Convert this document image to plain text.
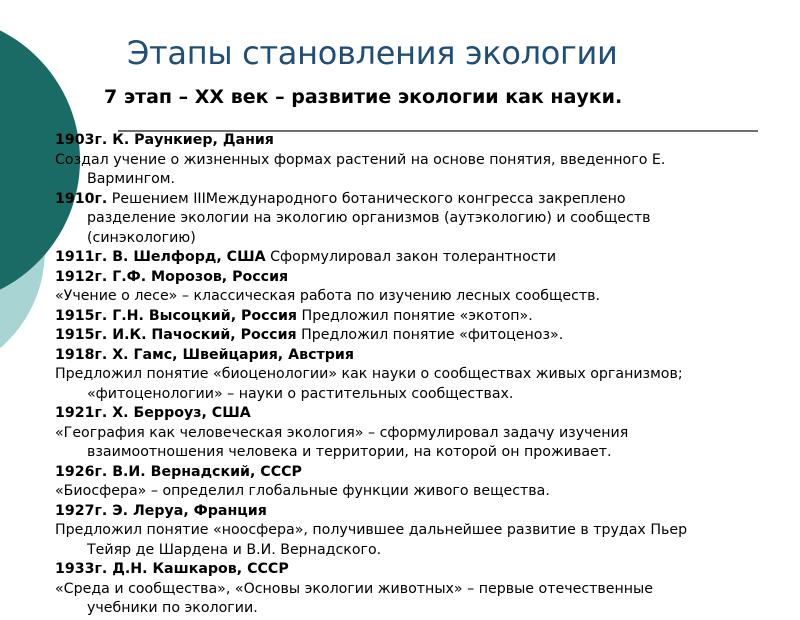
Этапы становления экологии
7 этап – XX век – развитие экологии как науки.

1903г. К. Раункиер, Дания

Создал учение о жизненных формах растений на основе понятия, введенного Е.

Вармингом.

1910г. Решением IIIМеждународного ботанического конгресса закреплено

разделение экологии на экологию организмов (аутэкологию) и сообществ

(синэкологию)

1911г. В. Шелфорд, США Сформулировал закон толерантности

1912г. Г.Ф. Морозов, Россия

«Учение о лесе» – классическая работа по изучению лесных сообществ.

1915г. Г.Н. Высоцкий, Россия Предложил понятие «экотоп».

1915г. И.К. Пачоский, Россия Предложил понятие «фитоценоз».

1918г. Х. Гамс, Швейцария, Австрия

Предложил понятие «биоценологии» как науки о сообществах живых организмов;

«фитоценологии» – науки о растительных сообществах.

1921г. Х. Берроуз, США

«География как человеческая экология» – сформулировал задачу изучения

взаимоотношения человека и территории, на которой он проживает.

1926г. В.И. Вернадский, СССР

«Биосфера» – определил глобальные функции живого вещества.

1927г. Э. Леруа, Франция

Предложил понятие «ноосфера», получившее дальнейшее развитие в трудах Пьер

Тейяр де Шардена и В.И. Вернадского.

1933г. Д.Н. Кашкаров, СССР

«Среда и сообщества», «Основы экологии животных» – первые отечественные

учебники по экологии.
